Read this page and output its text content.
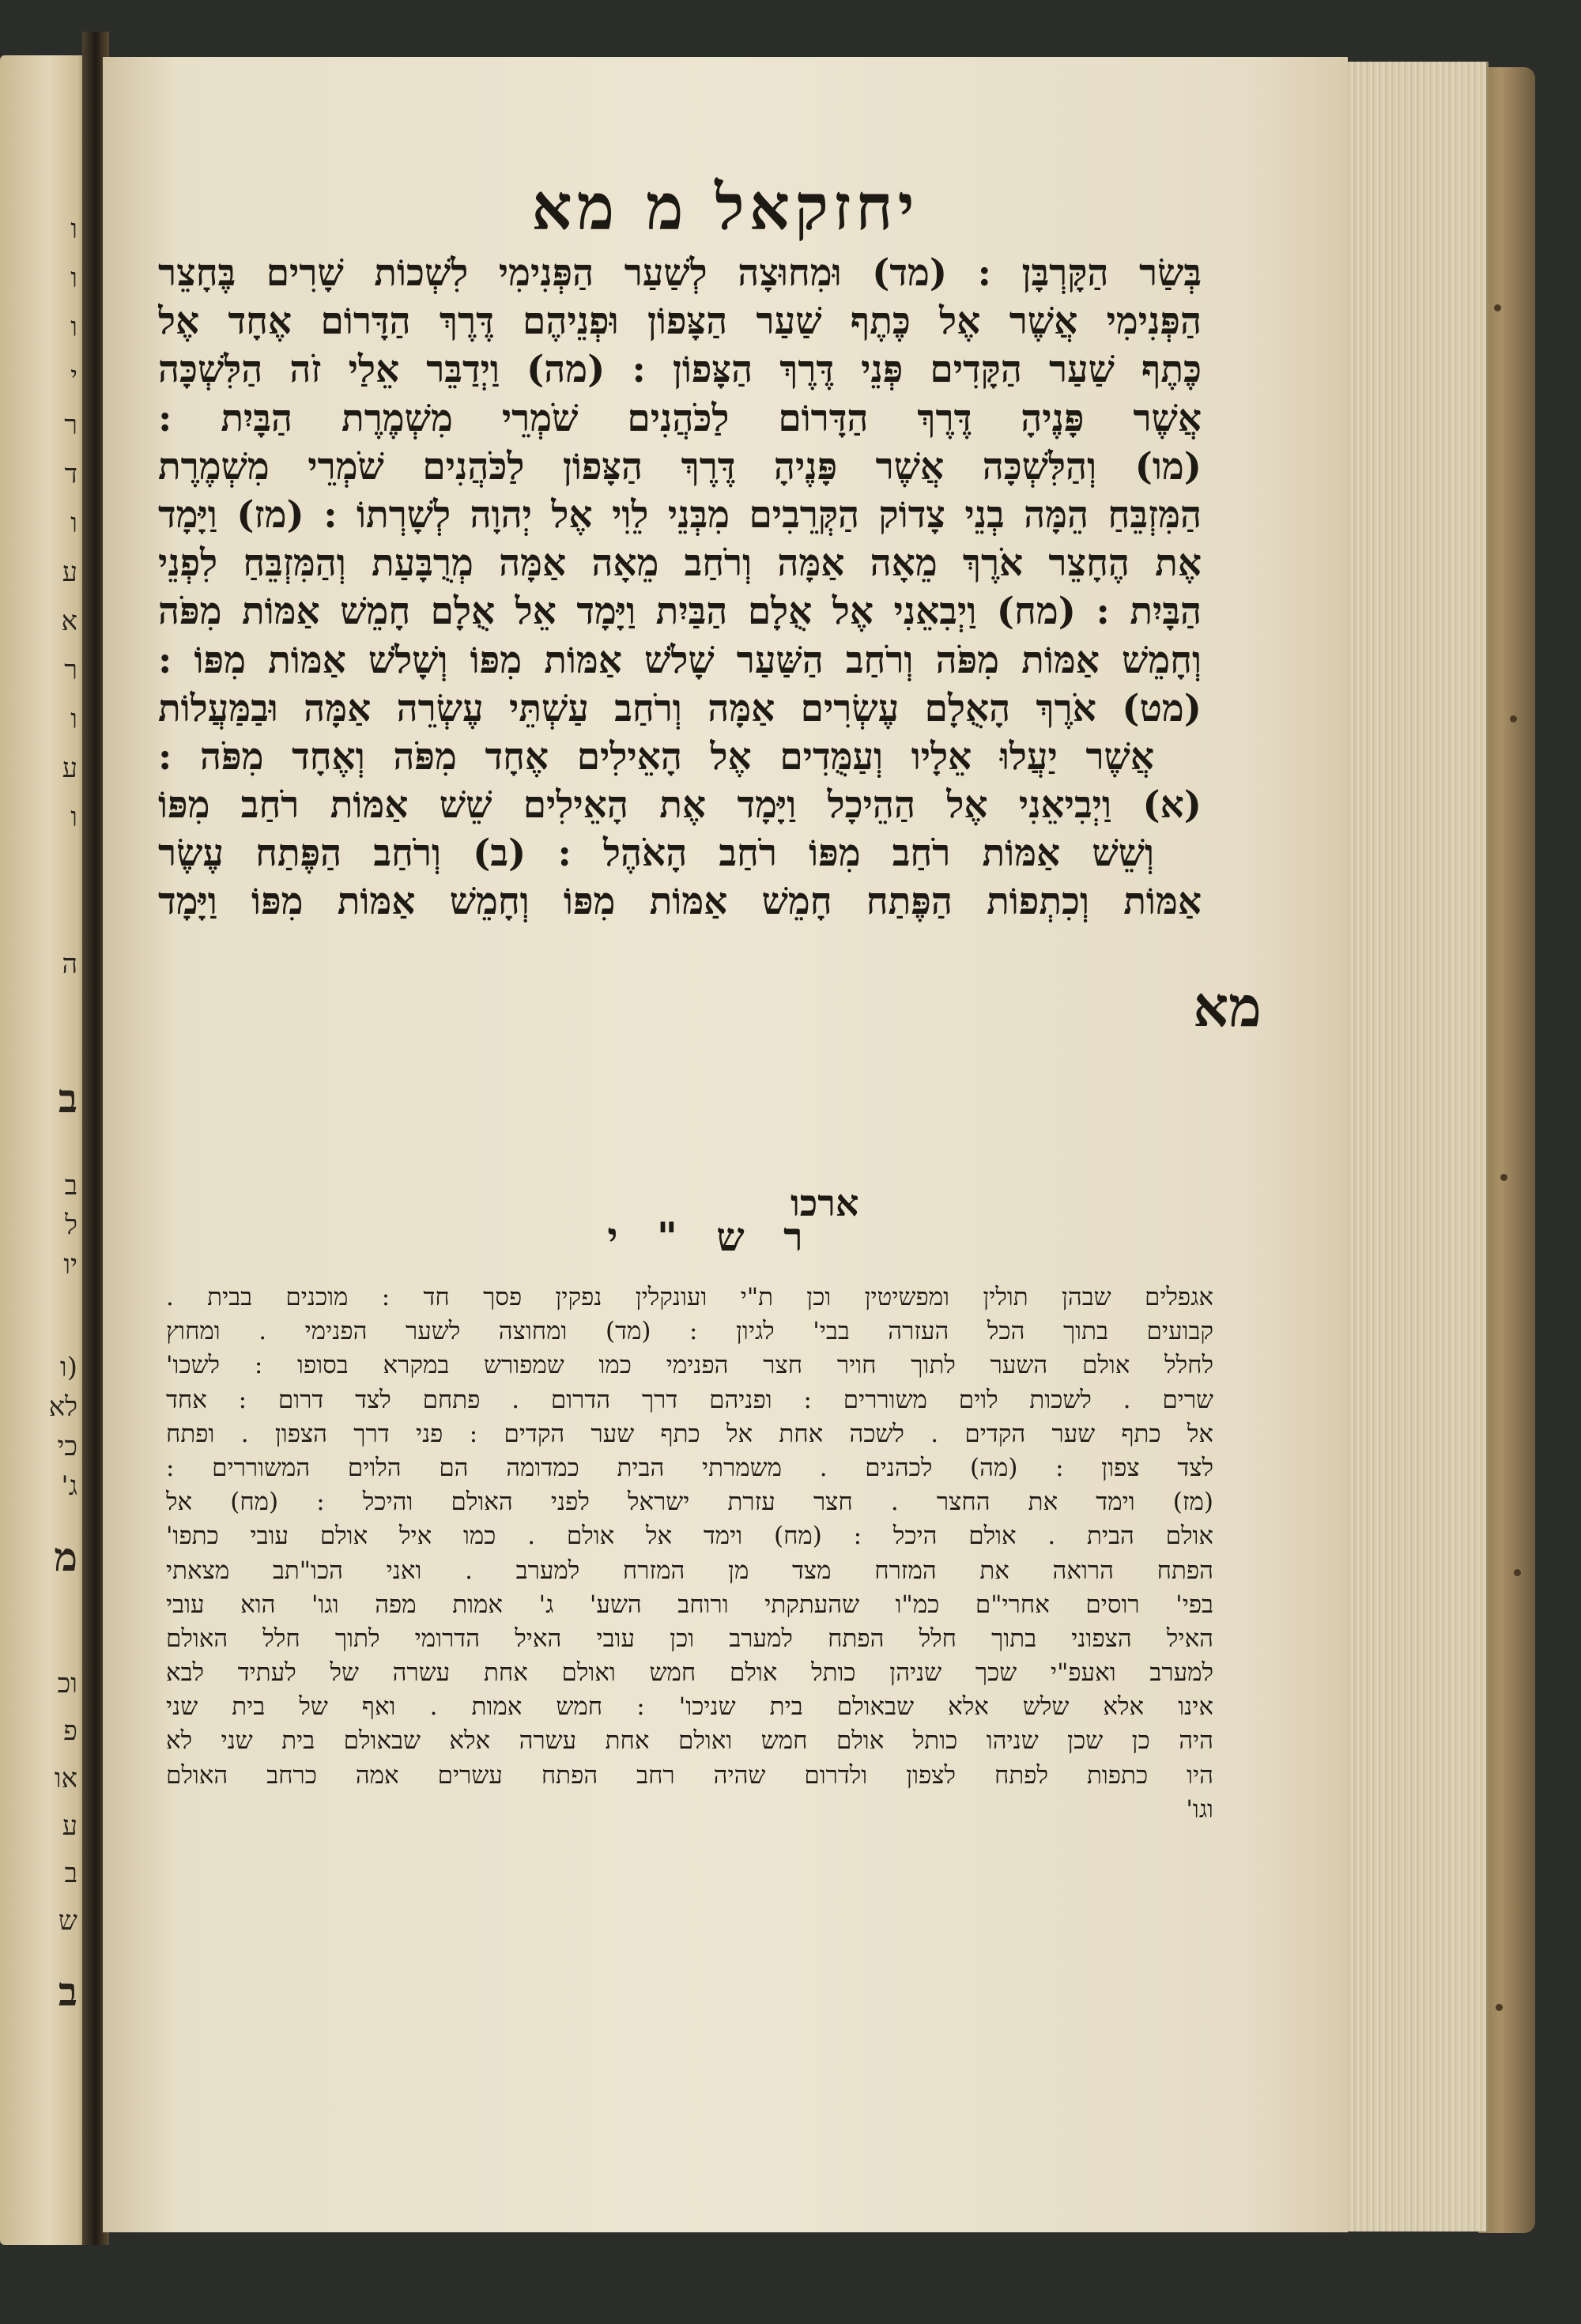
ו
ו
ו
י
ר
ד
ו
ע
א
ר
ו
ע
ו
ה
ב
ב
ל
יו
(ו
לא
כי
ג'
מ
וכ
פ
או
ע
ב
ש
ב
יחזקאל מ מא
בְּשַׂר הַקָּרְבָּן : (מד) וּמִחוּצָה לְשַׁעַר הַפְּנִימִי לִשְׁכוֹת שָׁרִים בֶּחָצֵר
הַפְּנִימִי אֲשֶׁר אֶל כֶּתֶף שַׁעַר הַצָּפוֹן וּפְנֵיהֶם דֶּרֶךְ הַדָּרוֹם אֶחָד אֶל
כֶּתֶף שַׁעַר הַקָּדִים פְּנֵי דֶּרֶךְ הַצָּפוֹן : (מה) וַיְדַבֵּר אֵלַי זֹה הַלִּשְׁכָּה
אֲשֶׁר פָּנֶיהָ דֶּרֶךְ הַדָּרוֹם לַכֹּהֲנִים שֹׁמְרֵי מִשְׁמֶרֶת הַבָּיִת :
(מו) וְהַלִּשְׁכָּה אֲשֶׁר פָּנֶיהָ דֶּרֶךְ הַצָּפוֹן לַכֹּהֲנִים שֹׁמְרֵי מִשְׁמֶרֶת
הַמִּזְבֵּחַ הֵמָּה בְנֵי צָדוֹק הַקְּרֵבִים מִבְּנֵי לֵוִי אֶל יְהוָה לְשָׁרְתוֹ : (מז) וַיָּמָד
אֶת הֶחָצֵר אֹרֶךְ מֵאָה אַמָּה וְרֹחַב מֵאָה אַמָּה מְרֻבָּעַת וְהַמִּזְבֵּחַ לִפְנֵי
הַבָּיִת : (מח) וַיְבִאֵנִי אֶל אֻלָם הַבַּיִת וַיָּמָד אֵל אֻלָם חָמֵשׁ אַמּוֹת מִפֹּה
וְחָמֵשׁ אַמּוֹת מִפֹּה וְרֹחַב הַשַּׁעַר שָׁלֹשׁ אַמּוֹת מִפּוֹ וְשָׁלֹשׁ אַמּוֹת מִפּוֹ :
(מט) אֹרֶךְ הָאֻלָם עֶשְׂרִים אַמָּה וְרֹחַב עַשְׁתֵּי עֶשְׂרֵה אַמָּה וּבַמַּעֲלוֹת
אֲשֶׁר יַעֲלוּ אֵלָיו וְעַמֻּדִים אֶל הָאֵילִים אֶחָד מִפֹּה וְאֶחָד מִפֹּה :
(א) וַיְבִיאֵנִי אֶל הַהֵיכָל וַיָּמָד אֶת הָאֵילִים שֵׁשׁ אַמּוֹת רֹחַב מִפּוֹ
וְשֵׁשׁ אַמּוֹת רֹחַב מִפּוֹ רֹחַב הָאֹהֶל : (ב) וְרֹחַב הַפֶּתַח עֶשֶׂר
אַמּוֹת וְכִתְפוֹת הַפֶּתַח חָמֵשׁ אַמּוֹת מִפּוֹ וְחָמֵשׁ אַמּוֹת מִפּוֹ וַיָּמָד
מא
ארכו
ר ש " י
אגפלים שבהן תולין ומפשיטין וכן ת"י ועונקלין נפקין פסך חד : מוכנים בבית .
קבועים בתוך הכל העזרה בבי' לגיון : (מד) ומחוצה לשער הפנימי . ומחוץ
לחלל אולם השער לתוך חויר חצר הפנימי כמו שמפורש במקרא בסופו : לשכו'
שרים . לשכות לוים משוררים : ופניהם דרך הדרום . פתחם לצד דרום : אחד
אל כתף שער הקדים . לשכה אחת אל כתף שער הקדים : פני דרך הצפון . ופתח
לצד צפון : (מה) לכהנים . משמרתי הבית כמדומה הם הלוים המשוררים :
(מז) וימד את החצר . חצר עזרת ישראל לפני האולם והיכל : (מח) אל
אולם הבית . אולם היכל : (מח) וימד אל אולם . כמו איל אולם עובי כתפו'
הפתח הרואה את המזרח מצד מן המזרח למערב . ואני הכו"תב מצאתי
בפי' רוסים אחרי"ם כמ"ו שהעתקתי ורוחב השע' ג' אמות מפה וגו' הוא עובי
האיל הצפוני בתוך חלל הפתח למערב וכן עובי האיל הדרומי לתוך חלל האולם
למערב ואעפ"י שכך שניהן כותל אולם חמש ואולם אחת עשרה של לעתיד לבא
אינו אלא שלש אלא שבאולם בית שניכו' : חמש אמות . ואף של בית שני
היה כן שכן שניהו כותל אולם חמש ואולם אחת עשרה אלא שבאולם בית שני לא
היו כתפות לפתח לצפון ולדרום שהיה רחב הפתח עשרים אמה כרחב האולם
וגו'
